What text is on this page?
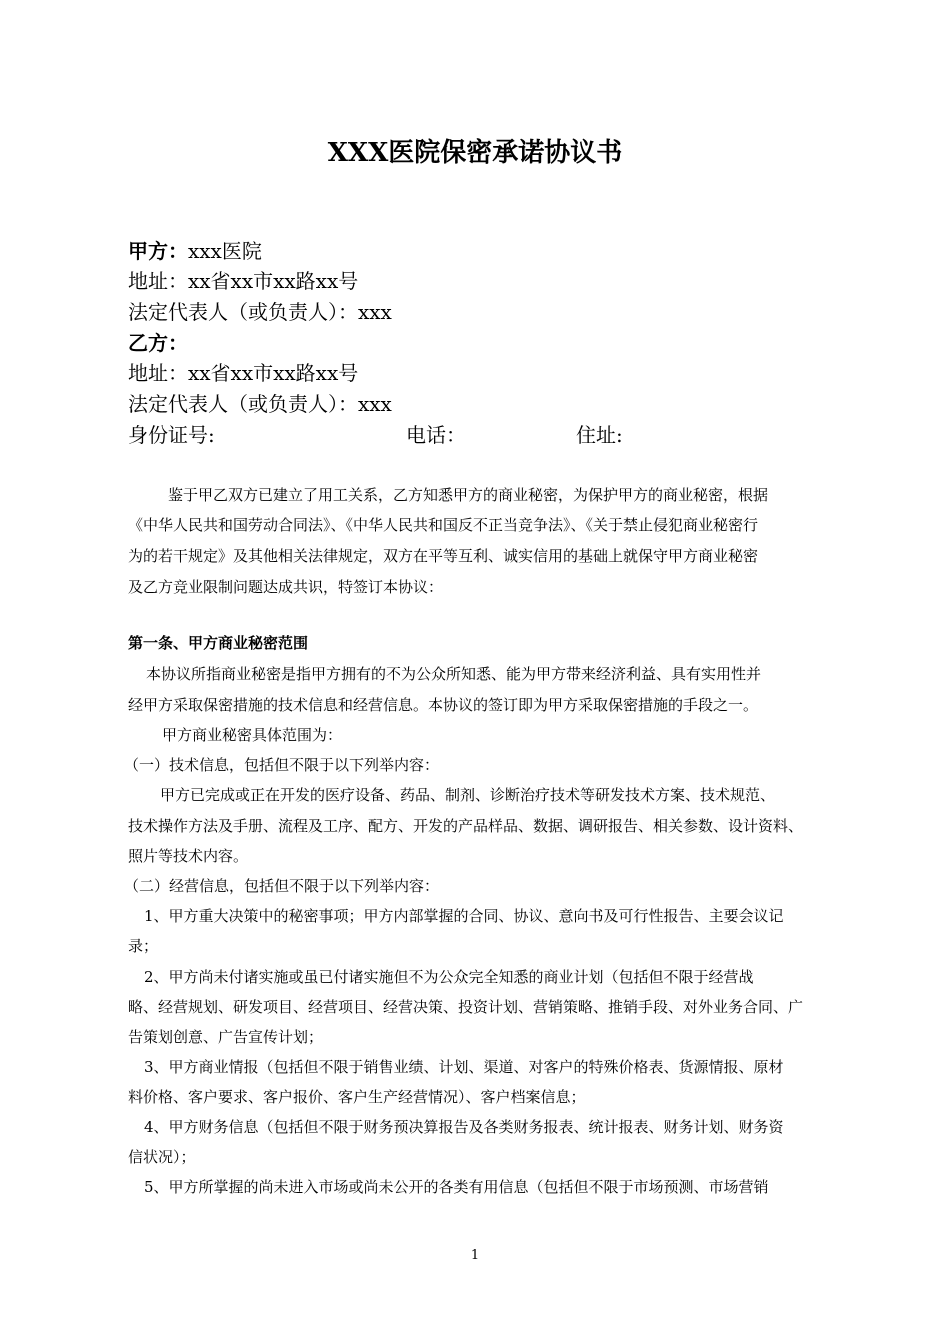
XXX医院保密承诺协议书
甲方：xxx医院
地址：xx省xx市xx路xx号
法定代表人（或负责人）：xxx
乙方：
地址：xx省xx市xx路xx号
法定代表人（或负责人）：xxx
身份证号:	电话：	住址:
鉴于甲乙双方已建立了用工关系，乙方知悉甲方的商业秘密，为保护甲方的商业秘密，根据
《中华人民共和国劳动合同法》、《中华人民共和国反不正当竞争法》、《关于禁止侵犯商业秘密行
为的若干规定》及其他相关法律规定，双方在平等互利、诚实信用的基础上就保守甲方商业秘密
及乙方竞业限制问题达成共识，特签订本协议：
第一条、甲方商业秘密范围
本协议所指商业秘密是指甲方拥有的不为公众所知悉、能为甲方带来经济利益、具有实用性并
经甲方采取保密措施的技术信息和经营信息。本协议的签订即为甲方采取保密措施的手段之一。
甲方商业秘密具体范围为：
（一）技术信息，包括但不限于以下列举内容：
甲方已完成或正在开发的医疗设备、药品、制剂、诊断治疗技术等研发技术方案、技术规范、
技术操作方法及手册、流程及工序、配方、开发的产品样品、数据、调研报告、相关参数、设计资料、
照片等技术内容。
（二）经营信息，包括但不限于以下列举内容：
1、甲方重大决策中的秘密事项；甲方内部掌握的合同、协议、意向书及可行性报告、主要会议记
录；
2、甲方尚未付诸实施或虽已付诸实施但不为公众完全知悉的商业计划（包括但不限于经营战
略、经营规划、研发项目、经营项目、经营决策、投资计划、营销策略、推销手段、对外业务合同、广
告策划创意、广告宣传计划；
3、甲方商业情报（包括但不限于销售业绩、计划、渠道、对客户的特殊价格表、货源情报、原材
料价格、客户要求、客户报价、客户生产经营情况）、客户档案信息；
4、甲方财务信息（包括但不限于财务预决算报告及各类财务报表、统计报表、财务计划、财务资
信状况）；
5、甲方所掌握的尚未进入市场或尚未公开的各类有用信息（包括但不限于市场预测、市场营销
1
